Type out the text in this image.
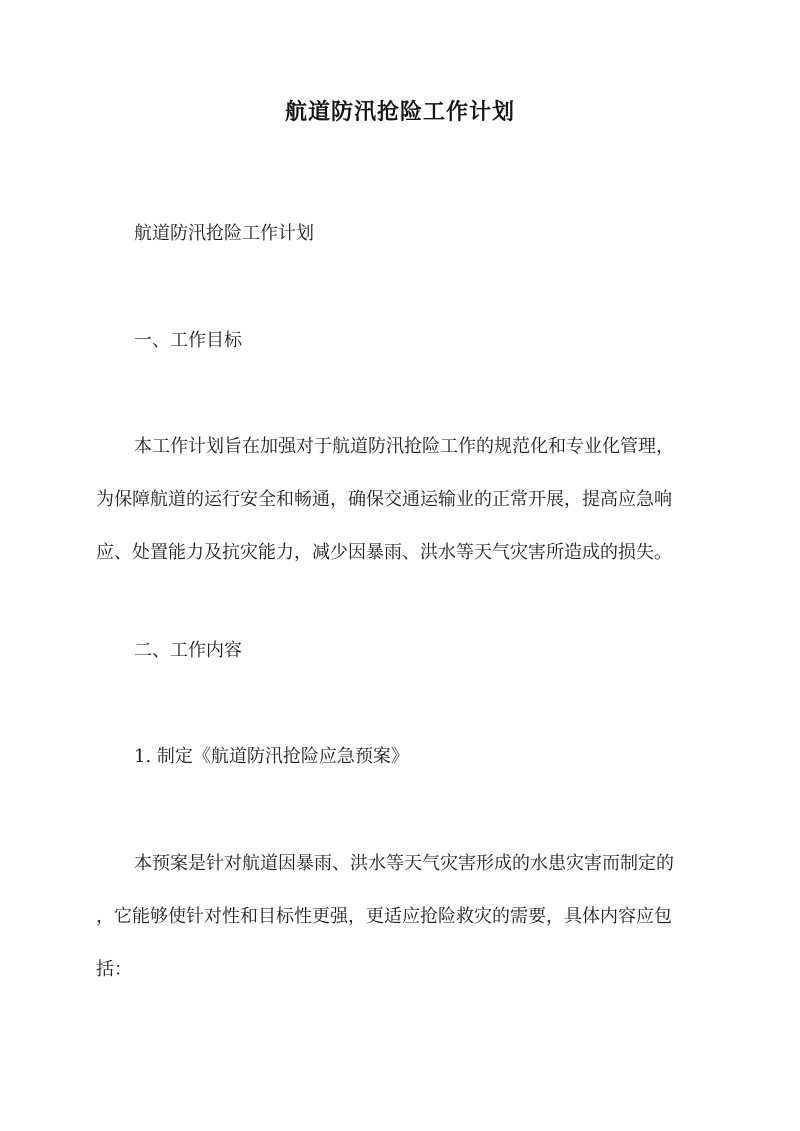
航道防汛抢险工作计划
航道防汛抢险工作计划
一、工作目标
本工作计划旨在加强对于航道防汛抢险工作的规范化和专业化管理，
为保障航道的运行安全和畅通，确保交通运输业的正常开展，提高应急响
应、处置能力及抗灾能力，减少因暴雨、洪水等天气灾害所造成的损失。
二、工作内容
1. 制定《航道防汛抢险应急预案》
本预案是针对航道因暴雨、洪水等天气灾害形成的水患灾害而制定的
，它能够使针对性和目标性更强，更适应抢险救灾的需要，具体内容应包
括：
